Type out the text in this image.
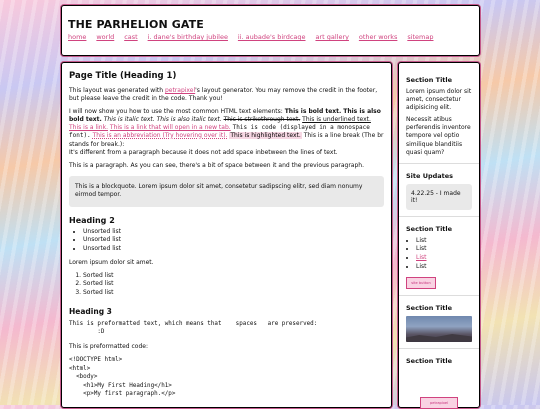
THE PARHELION GATE
home world cast i. dane's birthday jubilee ii. aubade's birdcage art gallery other works sitemap
Page Title (Heading 1)

This layout was generated with petrapixel's layout generator. You may remove the credit in the footer, but please leave the credit in the code. Thank you!

I will now show you how to use the most common HTML text elements: This is bold text. This is also bold text. This is italic text. This is also italic text. This is strikethrough text. This is underlined text. This is a link. This is a link that will open in a new tab. This is code (displayed in a monospace font). This is an abbreviation (Try hovering over it). This is highlighted text. This is a line break (The br stands for break.):
It's different from a paragraph because it does not add space inbetween the lines of text.

This is a paragraph. As you can see, there's a bit of space between it and the previous paragraph.

This is a blockquote. Lorem ipsum dolor sit amet, consetetur sadipscing elitr, sed diam nonumy eirmod tempor.
Heading 2
• Unsorted list
• Unsorted list
• Unsorted list

Lorem ipsum dolor sit amet.

1. Sorted list
2. Sorted list
3. Sorted list
Heading 3
This is preformatted text, which means that    spaces   are preserved:
:D

This is preformatted code:

<!DOCTYPE html>
<html>
<body>
<h1>My First Heading</h1>
<p>My first paragraph.</p>
Section Title

Lorem ipsum dolor sit amet, consectetur adipisicing elit.

Necessit atibus perferendis inventore tempore vel optio similique blanditiis quasi quam?

Site Updates
4.22.25 - I made it!
Section Title
• List
• List
• List
• List
site button
Section Title
Section Title
petrapixel
